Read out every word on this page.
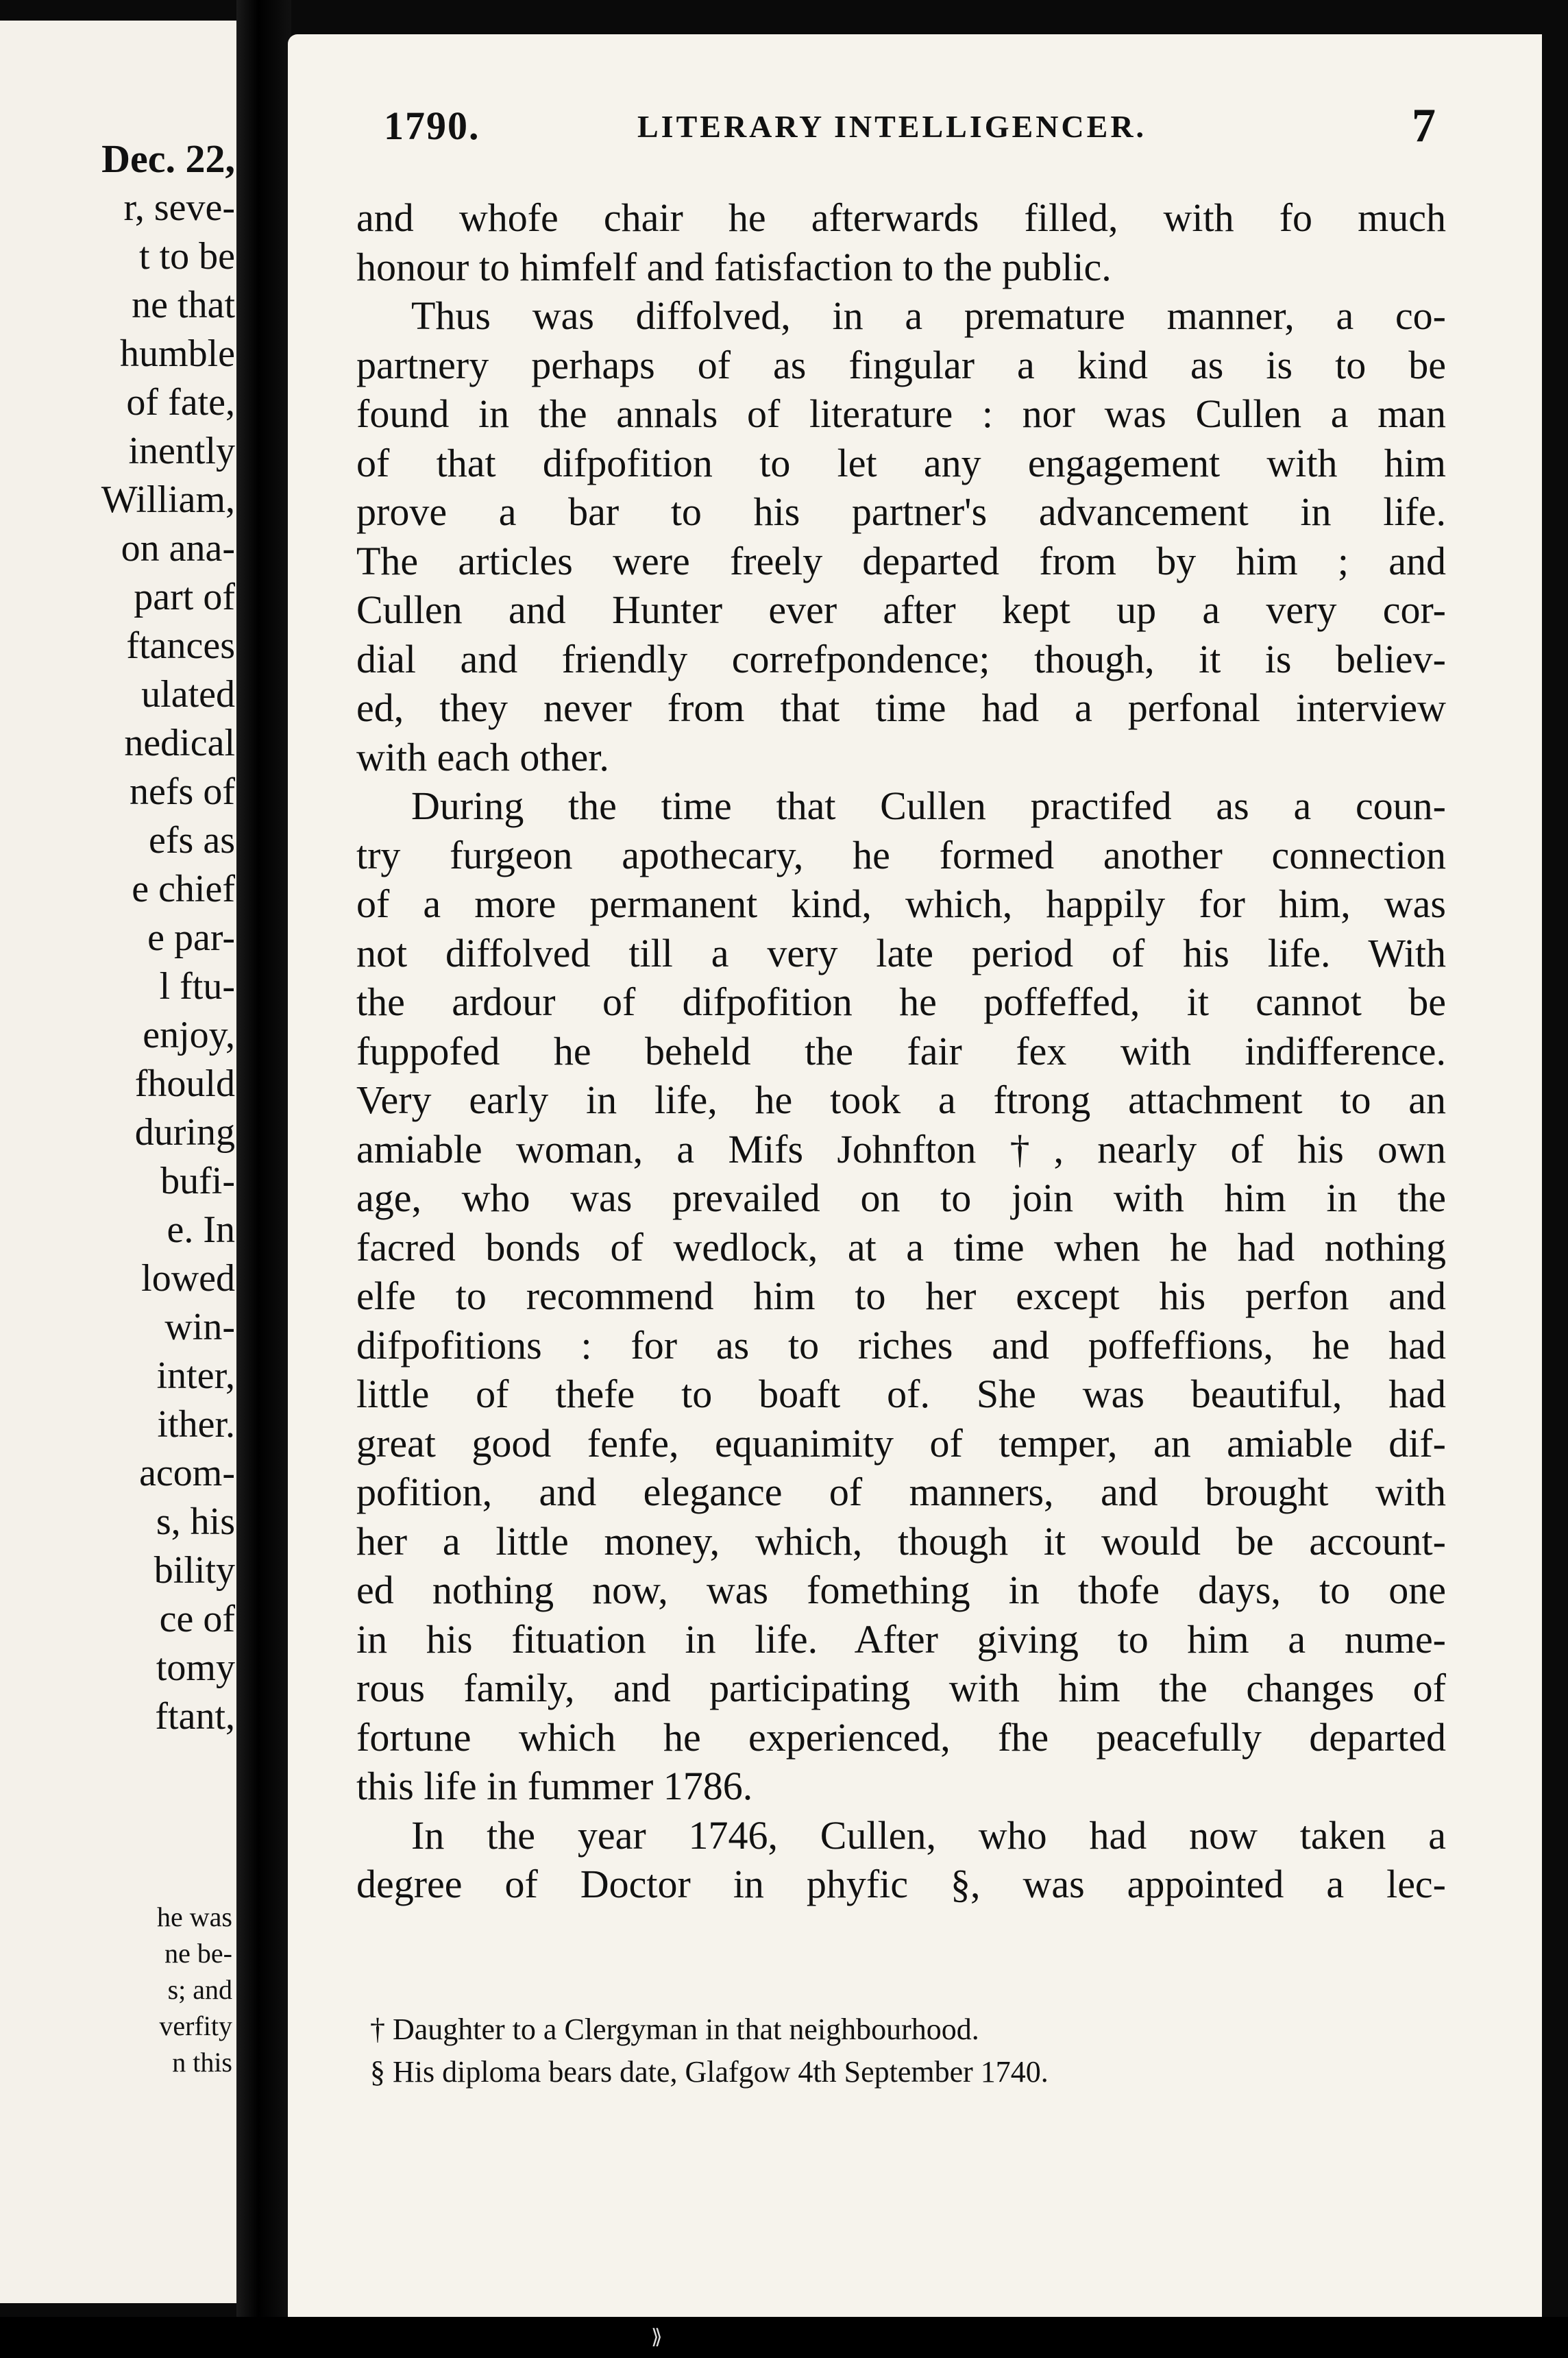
Dec. 22,
r, seve-
t to be
ne that
humble
of fate,
inently
William,
on ana-
part of
ftances
ulated
nedical
nefs of
efs as
e chief
e par-
l ftu-
enjoy,
fhould
during
bufi-
e. In
lowed
win-
inter,
ither.
acom-
s, his
bility
ce of
tomy
ftant,
he was
ne be-
s; and
verfity
n this
1790.	LITERARY INTELLIGENCER.	7
and whofe chair he afterwards filled, with fo much
honour to himfelf and fatisfaction to the public.
Thus was diffolved, in a premature manner, a co-
partnery perhaps of as fingular a kind as is to be
found in the annals of literature : nor was Cullen a man
of that difpofition to let any engagement with him
prove a bar to his partner's advancement in life.
The articles were freely departed from by him ; and
Cullen and Hunter ever after kept up a very cor-
dial and friendly correfpondence; though, it is believ-
ed, they never from that time had a perfonal interview
with each other.
During the time that Cullen practifed as a coun-
try furgeon apothecary, he formed another connection
of a more permanent kind, which, happily for him, was
not diffolved till a very late period of his life. With
the ardour of difpofition he poffeffed, it cannot be
fuppofed he beheld the fair fex with indifference.
Very early in life, he took a ftrong attachment to an
amiable woman, a Mifs Johnfton †, nearly of his own
age, who was prevailed on to join with him in the
facred bonds of wedlock, at a time when he had nothing
elfe to recommend him to her except his perfon and
difpofitions : for as to riches and poffeffions, he had
little of thefe to boaft of. She was beautiful, had
great good fenfe, equanimity of temper, an amiable dif-
pofition, and elegance of manners, and brought with
her a little money, which, though it would be account-
ed nothing now, was fomething in thofe days, to one
in his fituation in life. After giving to him a nume-
rous family, and participating with him the changes of
fortune which he experienced, fhe peacefully departed
this life in fummer 1786.
In the year 1746, Cullen, who had now taken a
degree of Doctor in phyfic §, was appointed a lec-
† Daughter to a Clergyman in that neighbourhood.
§ His diploma bears date, Glafgow 4th September 1740.
⟫
